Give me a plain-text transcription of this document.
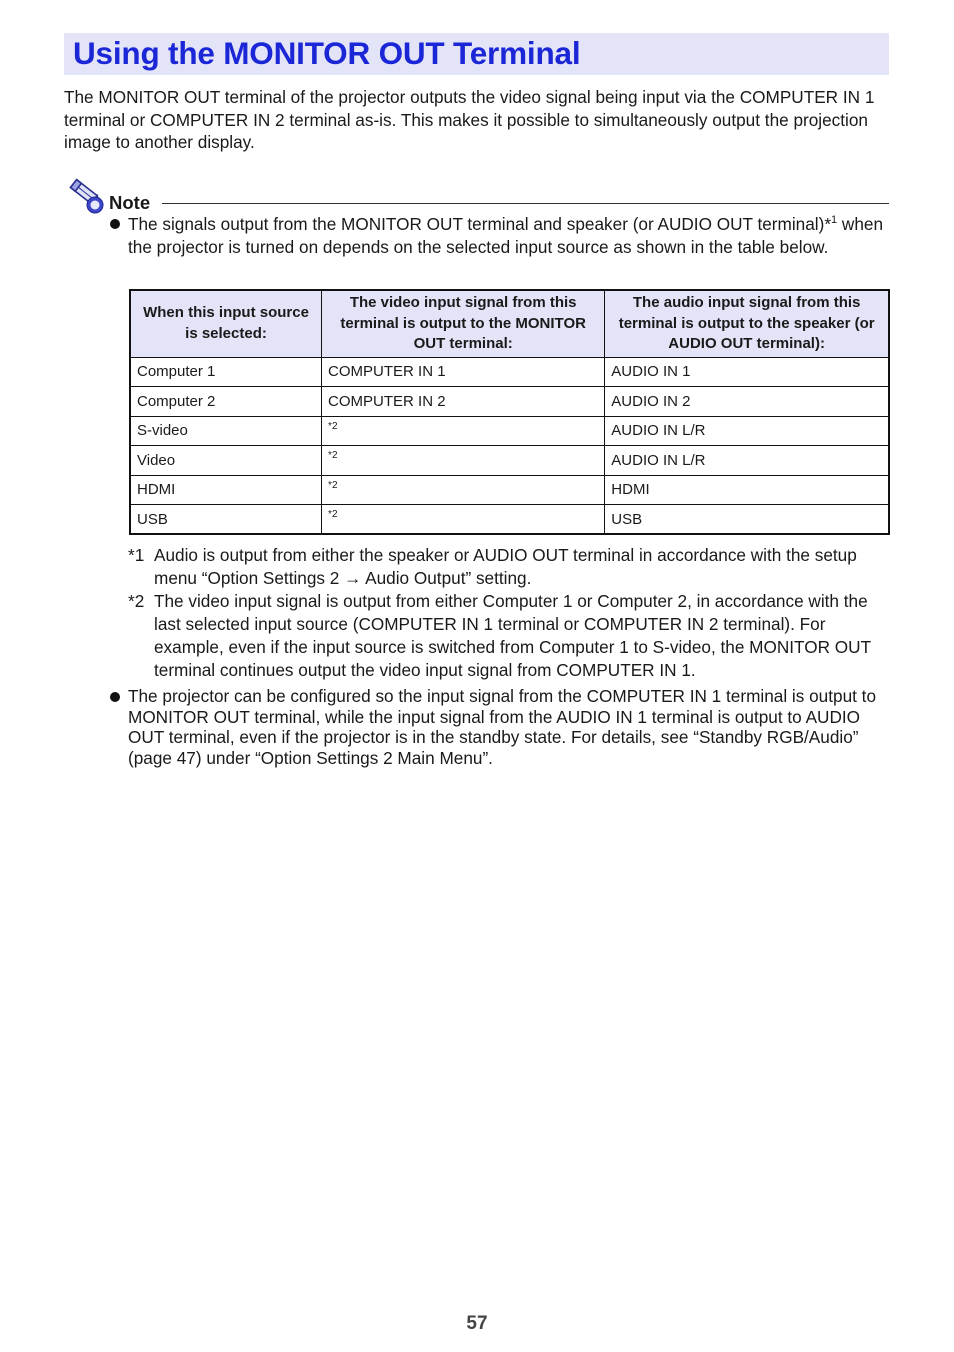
Using the MONITOR OUT Terminal

The MONITOR OUT terminal of the projector outputs the video signal being input via the COMPUTER IN 1 terminal or COMPUTER IN 2 terminal as-is. This makes it possible to simultaneously output the projection image to another display.

Note

The signals output from the MONITOR OUT terminal and speaker (or AUDIO OUT terminal)*$^1$ when the projector is turned on depends on the selected input source as shown in the table below.

When this input source is selected:	The video input signal from this terminal is output to the MONITOR OUT terminal:	The audio input signal from this terminal is output to the speaker (or AUDIO OUT terminal):
Computer 1	COMPUTER IN 1	AUDIO IN 1
Computer 2	COMPUTER IN 2	AUDIO IN 2
S-video	*2	AUDIO IN L/R
Video	*2	AUDIO IN L/R
HDMI	*2	HDMI
USB	*2	USB
*1 Audio is output from either the speaker or AUDIO OUT terminal in accordance with the setup menu “Option Settings 2 → Audio Output” setting.

*2 The video input signal is output from either Computer 1 or Computer 2, in accordance with the last selected input source (COMPUTER IN 1 terminal or COMPUTER IN 2 terminal). For example, even if the input source is switched from Computer 1 to S-video, the MONITOR OUT terminal continues output the video input signal from COMPUTER IN 1.

The projector can be configured so the input signal from the COMPUTER IN 1 terminal is output to MONITOR OUT terminal, while the input signal from the AUDIO IN 1 terminal is output to AUDIO OUT terminal, even if the projector is in the standby state. For details, see “Standby RGB/Audio” (page 47) under “Option Settings 2 Main Menu”.

57
